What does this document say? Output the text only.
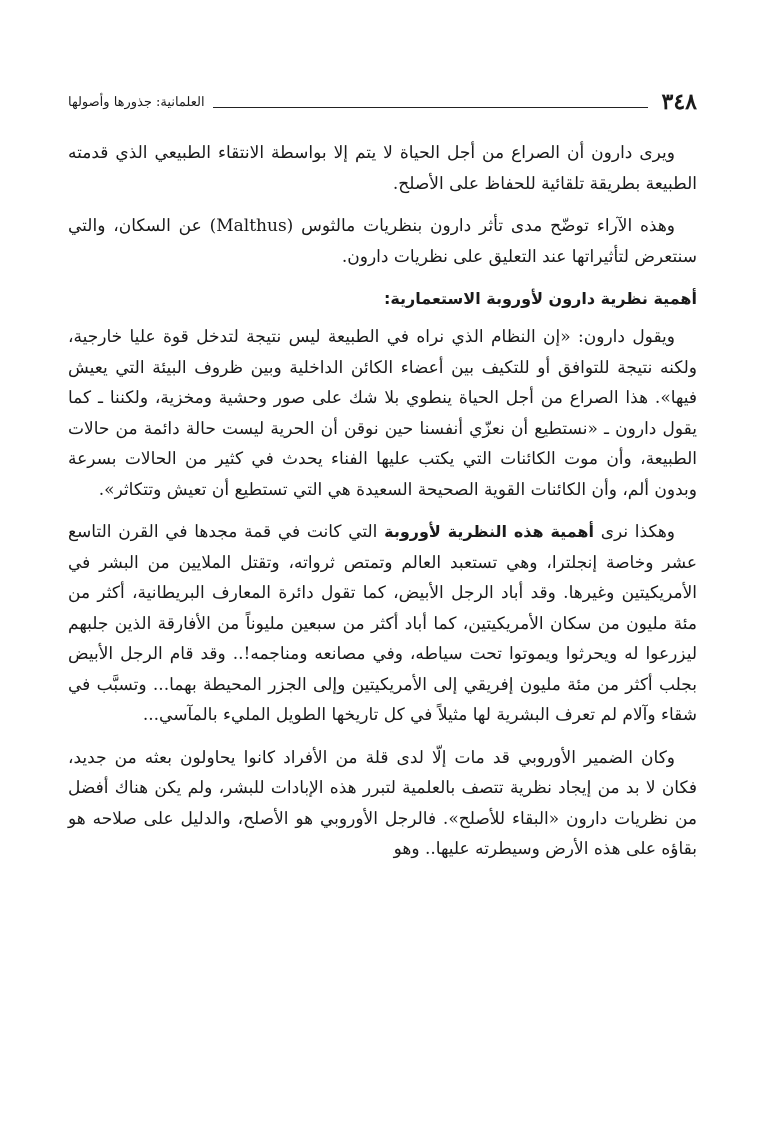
٣٤٨
العلمانية: جذورها وأصولها

ويرى دارون أن الصراع من أجل الحياة لا يتم إلا بواسطة الانتقاء الطبيعي الذي قدمته الطبيعة بطريقة تلقائية للحفاظ على الأصلح.

وهذه الآراء توضّح مدى تأثر دارون بنظريات مالثوس (Malthus) عن السكان، والتي سنتعرض لتأثيراتها عند التعليق على نظريات دارون.

أهمية نظرية دارون لأوروبة الاستعمارية:

ويقول دارون: «إن النظام الذي نراه في الطبيعة ليس نتيجة لتدخل قوة عليا خارجية، ولكنه نتيجة للتوافق أو للتكيف بين أعضاء الكائن الداخلية وبين ظروف البيئة التي يعيش فيها». هذا الصراع من أجل الحياة ينطوي بلا شك على صور وحشية ومخزية، ولكننا ـ كما يقول دارون ـ «نستطيع أن نعزّي أنفسنا حين نوقن أن الحرية ليست حالة دائمة من حالات الطبيعة، وأن موت الكائنات التي يكتب عليها الفناء يحدث في كثير من الحالات بسرعة وبدون ألم، وأن الكائنات القوية الصحيحة السعيدة هي التي تستطيع أن تعيش وتتكاثر».

وهكذا نرى أهمية هذه النظرية لأوروبة التي كانت في قمة مجدها في القرن التاسع عشر وخاصة إنجلترا، وهي تستعبد العالم وتمتص ثرواته، وتقتل الملايين من البشر في الأمريكيتين وغيرها. وقد أباد الرجل الأبيض، كما تقول دائرة المعارف البريطانية، أكثر من مئة مليون من سكان الأمريكيتين، كما أباد أكثر من سبعين مليوناً من الأفارقة الذين جلبهم ليزرعوا له ويحرثوا ويموتوا تحت سياطه، وفي مصانعه ومناجمه!.. وقد قام الرجل الأبيض بجلب أكثر من مئة مليون إفريقي إلى الأمريكيتين وإلى الجزر المحيطة بهما... وتسبَّب في شقاء وآلام لم تعرف البشرية لها مثيلاً في كل تاريخها الطويل المليء بالمآسي...

وكان الضمير الأوروبي قد مات إلّا لدى قلة من الأفراد كانوا يحاولون بعثه من جديد، فكان لا بد من إيجاد نظرية تتصف بالعلمية لتبرر هذه الإبادات للبشر، ولم يكن هناك أفضل من نظريات دارون «البقاء للأصلح». فالرجل الأوروبي هو الأصلح، والدليل على صلاحه هو بقاؤه على هذه الأرض وسيطرته عليها.. وهو
